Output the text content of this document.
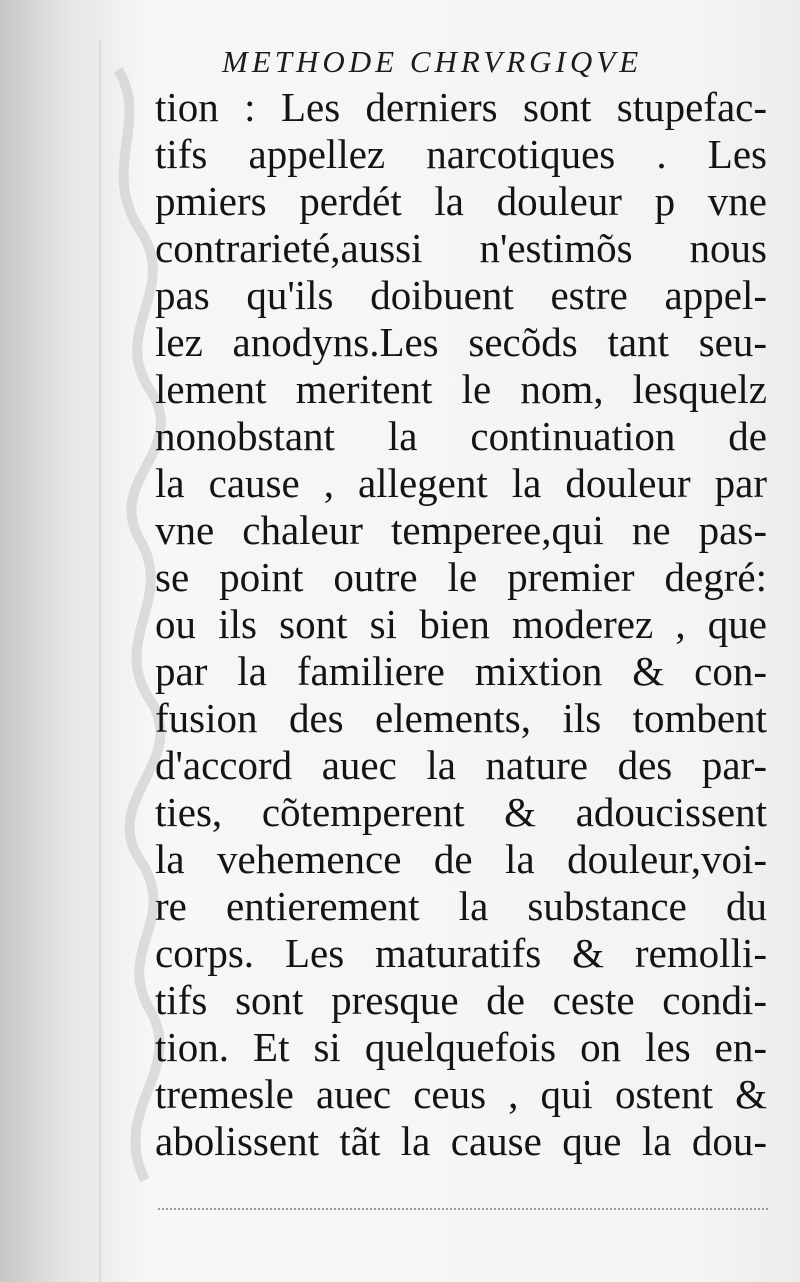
METHODE CHRVRGIQVE
tion : Les derniers sont stupefac-
tifs appellez narcotiques . Les
pmiers perdét la douleur p vne
contrarieté,aussi n'estimõs nous
pas qu'ils doibuent estre appel-
lez anodyns.Les secõds tant seu-
lement meritent le nom, lesquelz
nonobstant la continuation de
la cause , allegent la douleur par
vne chaleur temperee,qui ne pas-
se point outre le premier degré:
ou ils sont si bien moderez , que
par la familiere mixtion & con-
fusion des elements, ils tombent
d'accord auec la nature des par-
ties, cõtemperent & adoucissent
la vehemence de la douleur,voi-
re entierement la substance du
corps. Les maturatifs & remolli-
tifs sont presque de ceste condi-
tion. Et si quelquefois on les en-
tremesle auec ceus , qui ostent &
abolissent tãt la cause que la dou-
